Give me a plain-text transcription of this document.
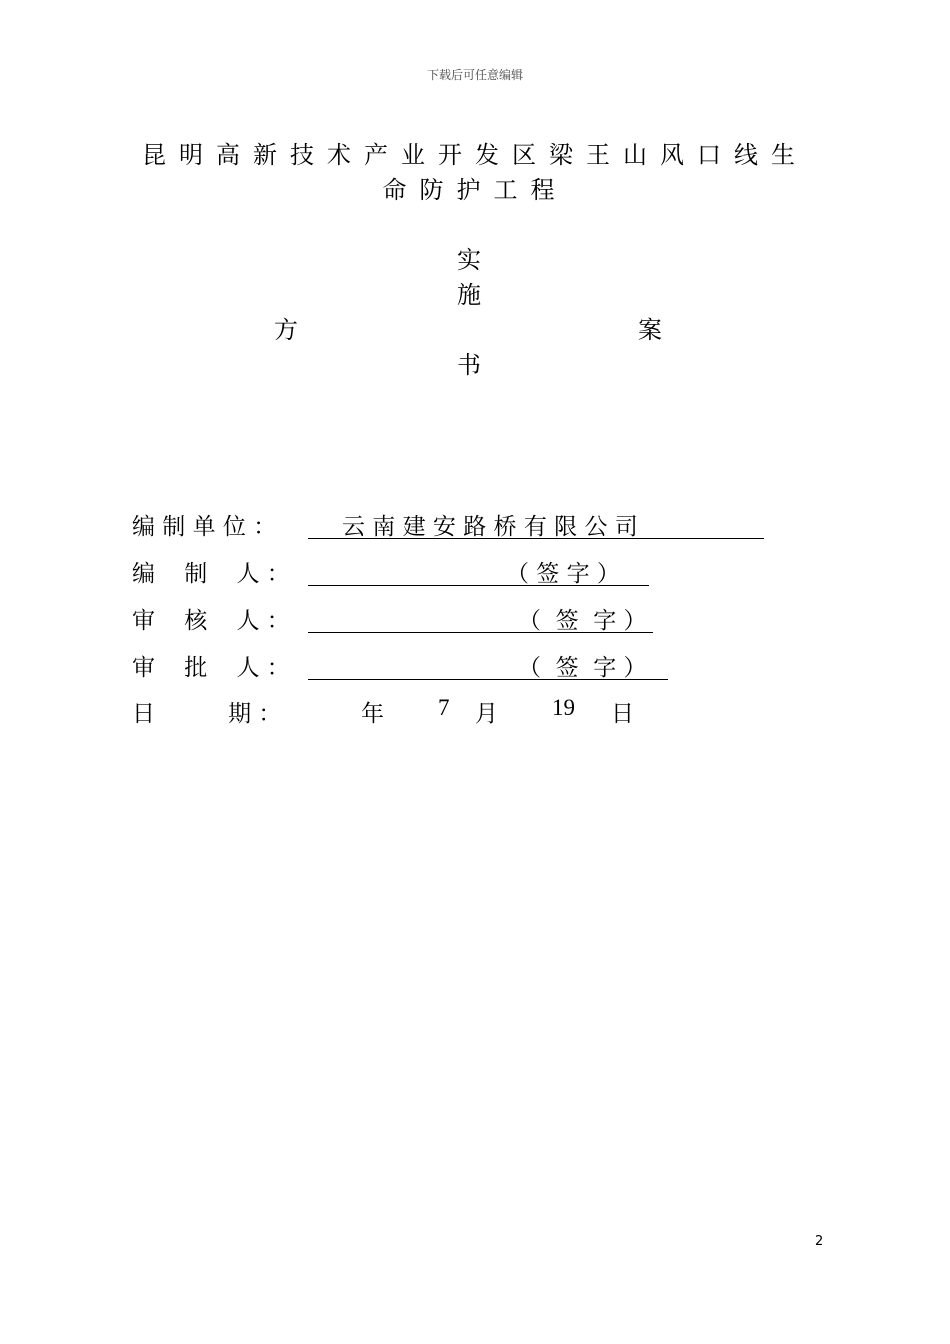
下载后可任意编辑
昆明高新技术产业开发区梁王山风口线生
命防护工程
实
施
方	案
书
编 制 单 位 ：	云 南 建 安 路 桥 有 限 公 司
编    制    人 ：	（ 签 字 ）
审    核    人 ：	（  签  字 ）
审    批    人 ：	（  签  字 ）
日          期 ：	年 7 月 19 日
2
